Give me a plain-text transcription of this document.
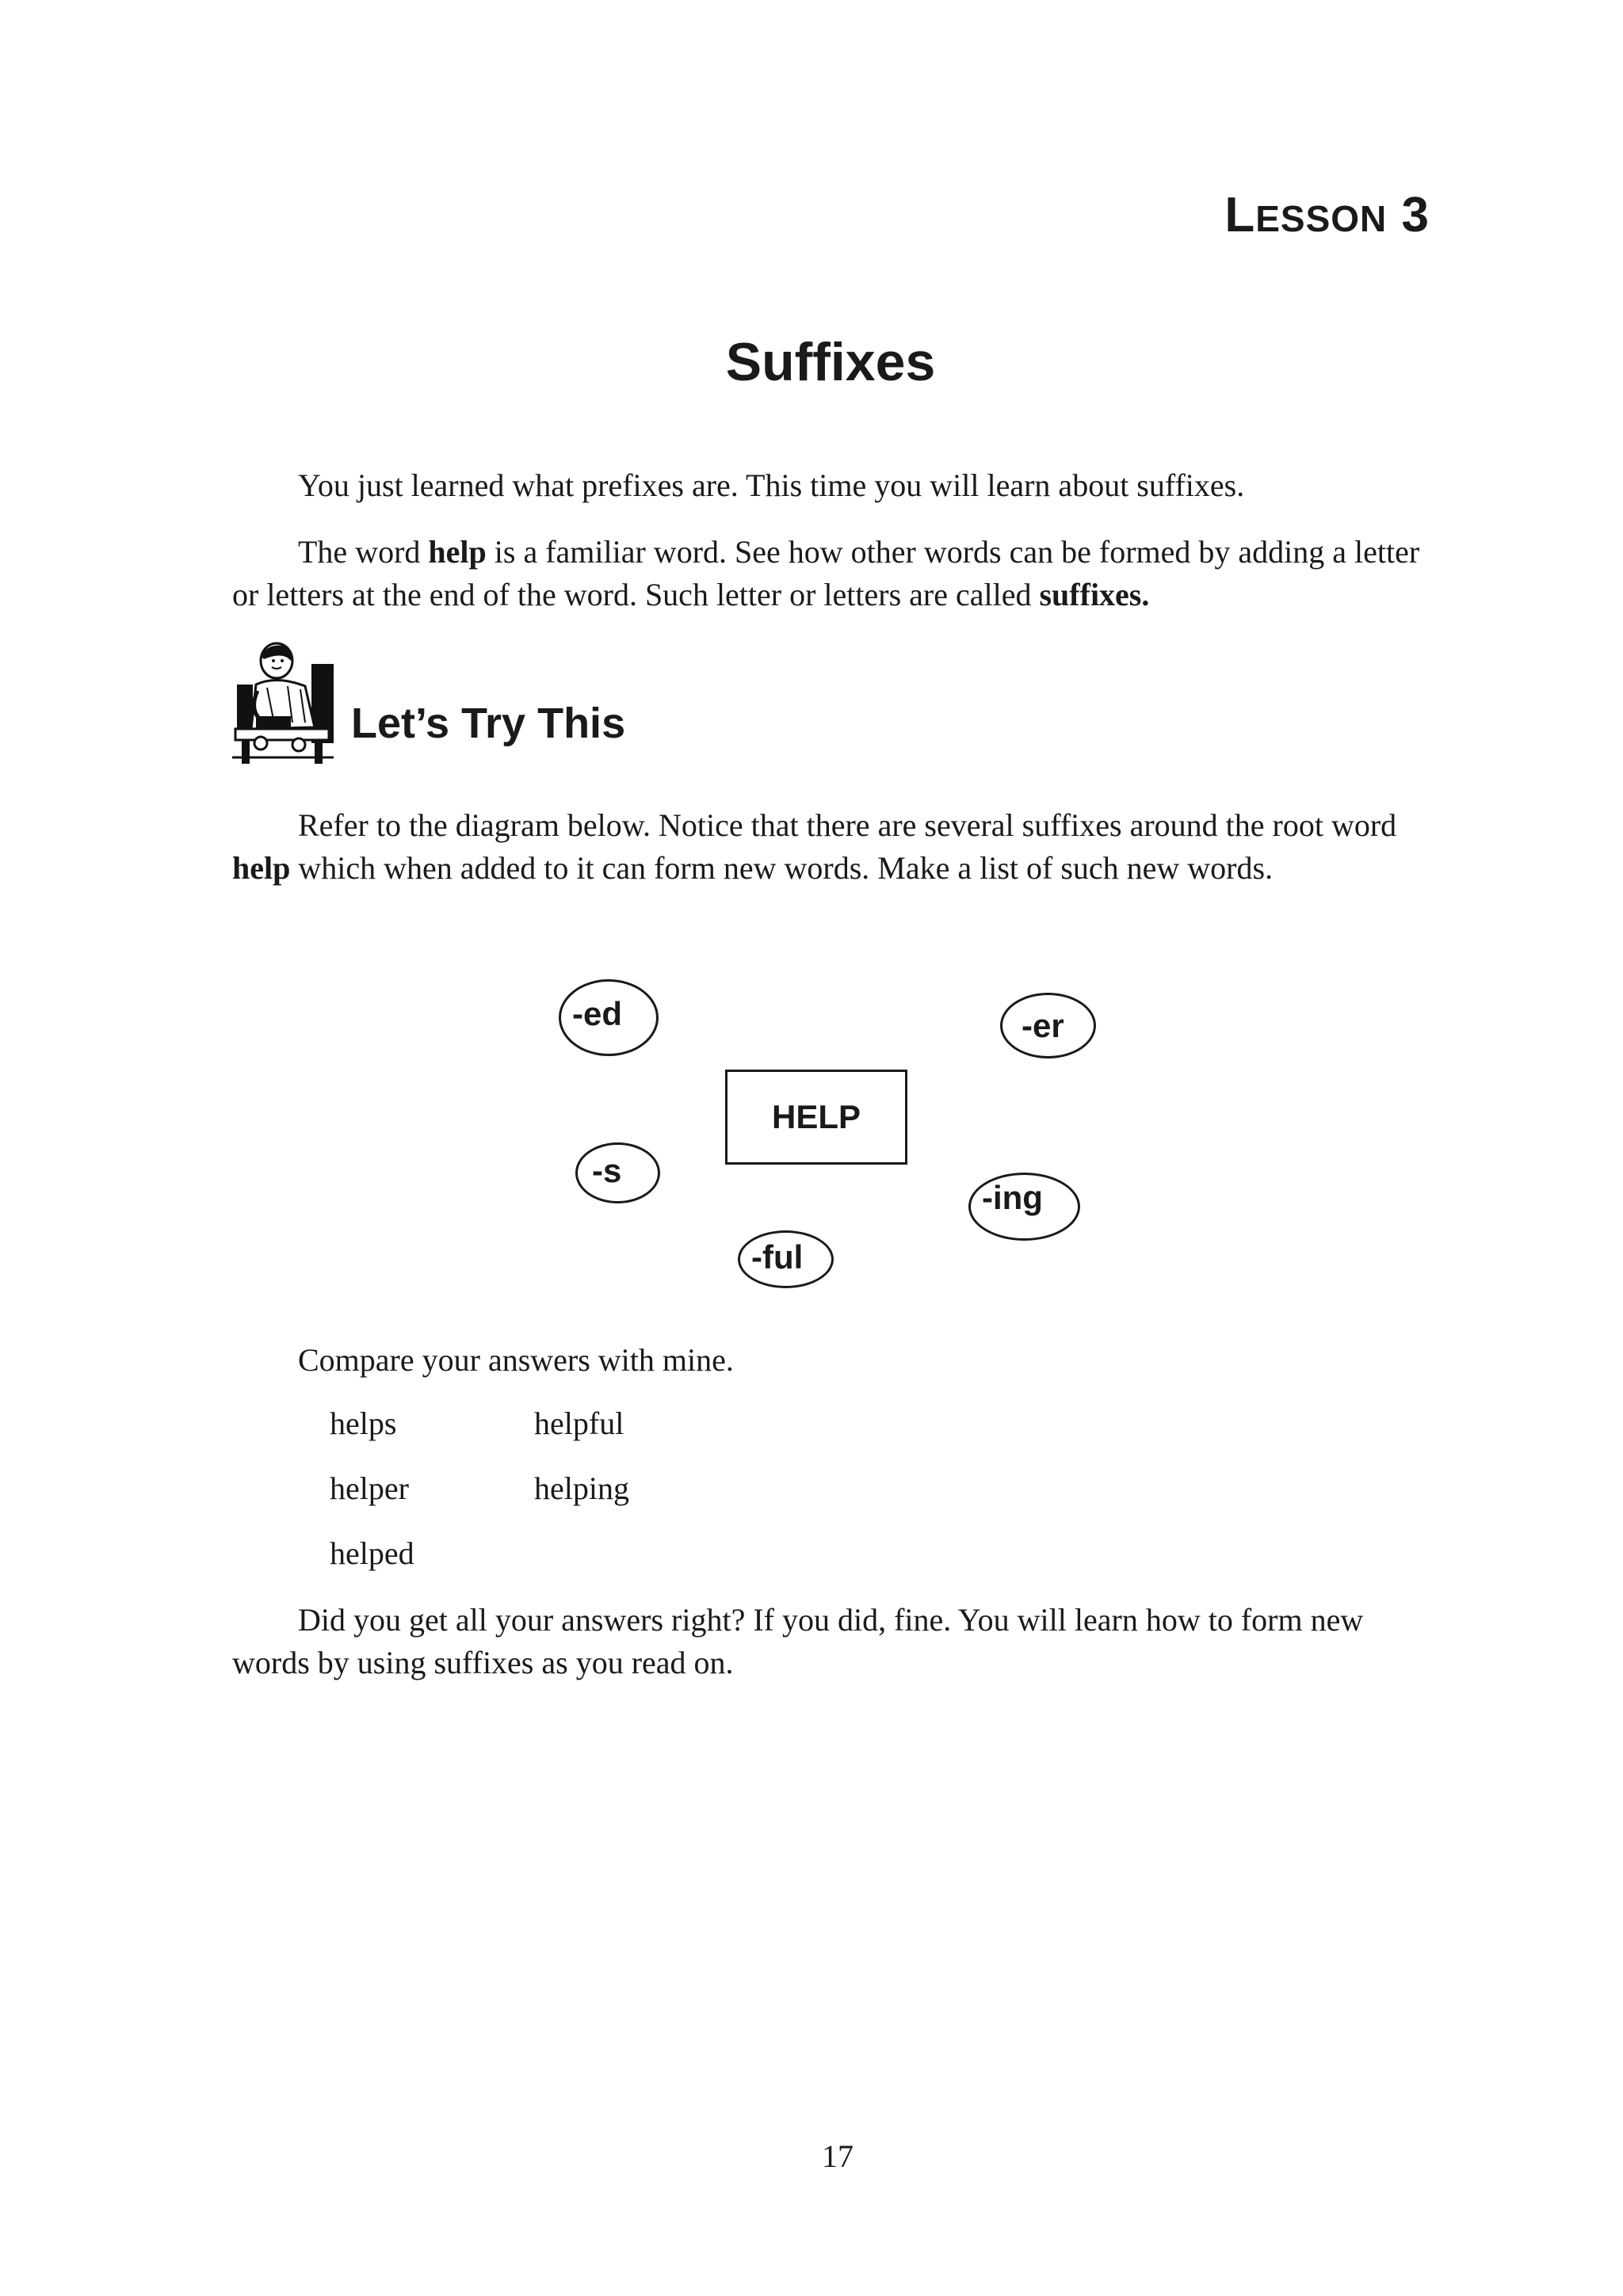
LESSON 3
Suffixes

You just learned what prefixes are. This time you will learn about suffixes.

The word help is a familiar word. See how other words can be formed by adding a letter or letters at the end of the word. Such letter or letters are called suffixes.

Let’s Try This

Refer to the diagram below. Notice that there are several suffixes around the root word help which when added to it can form new words. Make a list of such new words.

-ed	-er
HELP
-s
-ing
-ful

Compare your answers with mine.

helps	helpful
helper	helping
helped

Did you get all your answers right? If you did, fine. You will learn how to form new words by using suffixes as you read on.

17
